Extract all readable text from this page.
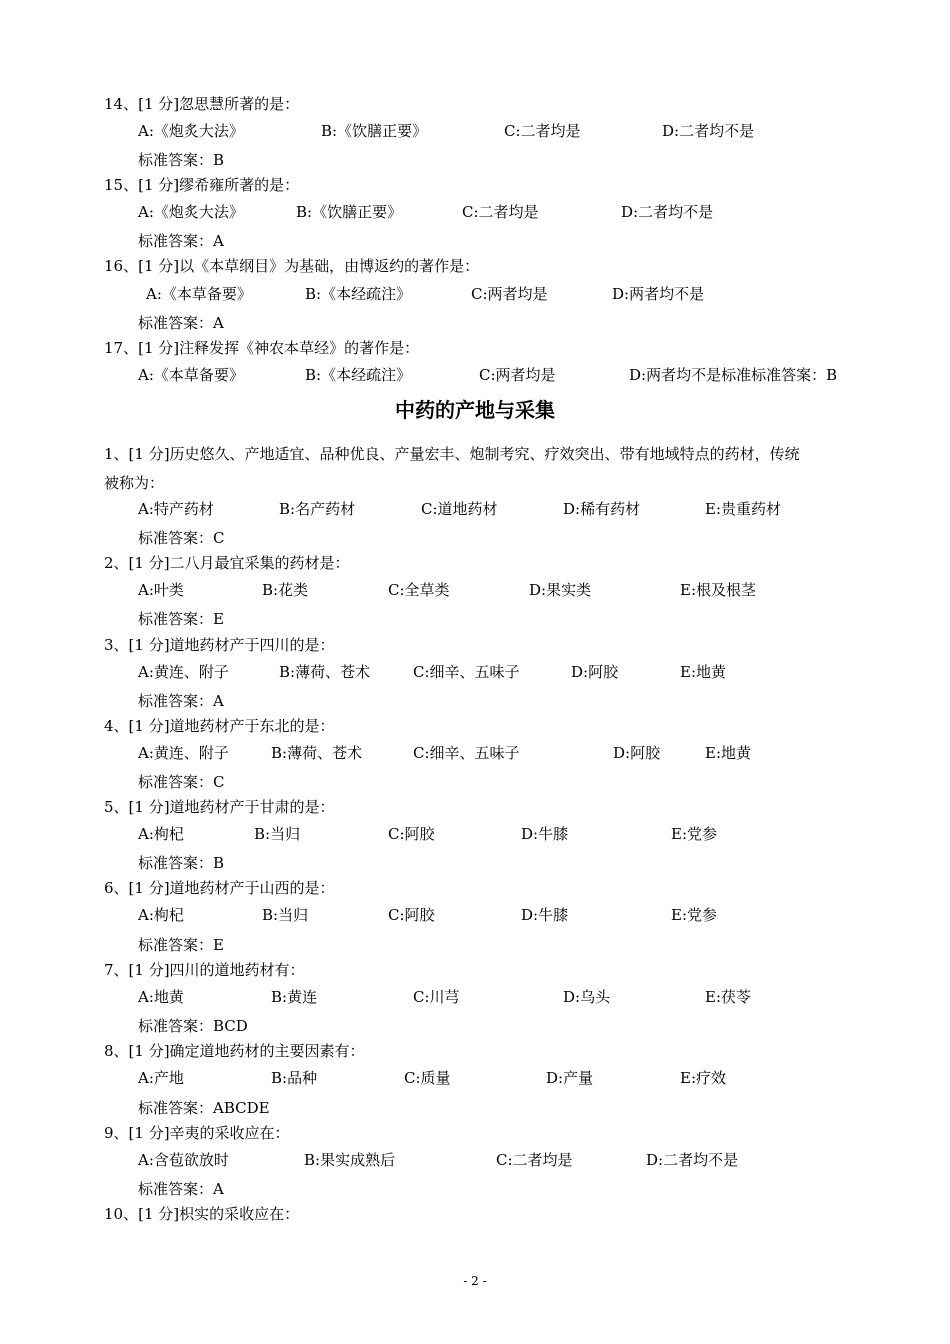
14、[1 分]忽思慧所著的是：
A:《炮炙大法》	B:《饮膳正要》	C:二者均是	D:二者均不是
标准答案：B
15、[1 分]缪希雍所著的是：
A:《炮炙大法》	B:《饮膳正要》	C:二者均是	D:二者均不是
标准答案：A
16、[1 分]以《本草纲目》为基础，由博返约的著作是：
A:《本草备要》	B:《本经疏注》	C:两者均是	D:两者均不是
标准答案：A
17、[1 分]注释发挥《神农本草经》的著作是：
A:《本草备要》	B:《本经疏注》	C:两者均是	D:两者均不是标准标准答案：B
中药的产地与采集
1、[1 分]历史悠久、产地适宜、品种优良、产量宏丰、炮制考究、疗效突出、带有地域特点的药材，传统
被称为：
A:特产药材	B:名产药材	C:道地药材	D:稀有药材	E:贵重药材
标准答案：C
2、[1 分]二八月最宜采集的药材是：
A:叶类	B:花类	C:全草类	D:果实类	E:根及根茎
标准答案：E
3、[1 分]道地药材产于四川的是：
A:黄连、附子	B:薄荷、苍术	C:细辛、五味子	D:阿胶	E:地黄
标准答案：A
4、[1 分]道地药材产于东北的是：
A:黄连、附子	B:薄荷、苍术	C:细辛、五味子	D:阿胶	E:地黄
标准答案：C
5、[1 分]道地药材产于甘肃的是：
A:枸杞	B:当归	C:阿胶	D:牛膝	E:党参
标准答案：B
6、[1 分]道地药材产于山西的是：
A:枸杞	B:当归	C:阿胶	D:牛膝	E:党参
标准答案：E
7、[1 分]四川的道地药材有：
A:地黄	B:黄连	C:川芎	D:乌头	E:茯苓
标准答案：BCD
8、[1 分]确定道地药材的主要因素有：
A:产地	B:品种	C:质量	D:产量	E:疗效
标准答案：ABCDE
9、[1 分]辛夷的采收应在：
A:含苞欲放时	B:果实成熟后	C:二者均是	D:二者均不是
标准答案：A
10、[1 分]枳实的采收应在：
- 2 -
